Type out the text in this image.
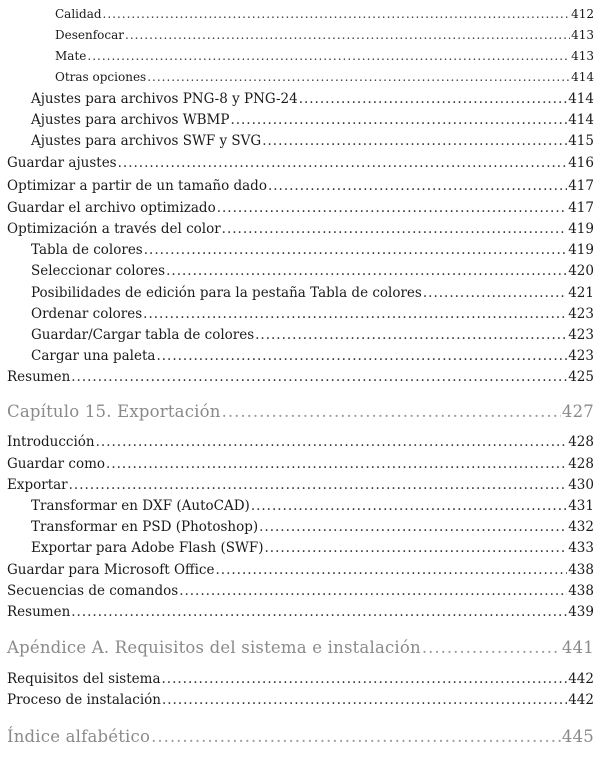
Calidad .....	412
Desenfocar .....	413
Mate .....	413
Otras opciones .....	414
Ajustes para archivos PNG-8 y PNG-24 .....	414
Ajustes para archivos WBMP .....	414
Ajustes para archivos SWF y SVG .....	415
Guardar ajustes .....	416
Optimizar a partir de un tamaño dado .....	417
Guardar el archivo optimizado .....	417
Optimización a través del color .....	419
Tabla de colores .....	419
Seleccionar colores .....	420
Posibilidades de edición para la pestaña Tabla de colores .....	421
Ordenar colores .....	423
Guardar/Cargar tabla de colores .....	423
Cargar una paleta .....	423
Resumen .....	425
Capítulo 15. Exportación .....	427
Introducción .....	428
Guardar como .....	428
Exportar .....	430
Transformar en DXF (AutoCAD) .....	431
Transformar en PSD (Photoshop) .....	432
Exportar para Adobe Flash (SWF) .....	433
Guardar para Microsoft Office .....	438
Secuencias de comandos .....	438
Resumen .....	439
Apéndice A. Requisitos del sistema e instalación .....	441
Requisitos del sistema .....	442
Proceso de instalación .....	442
Índice alfabético .....	445
